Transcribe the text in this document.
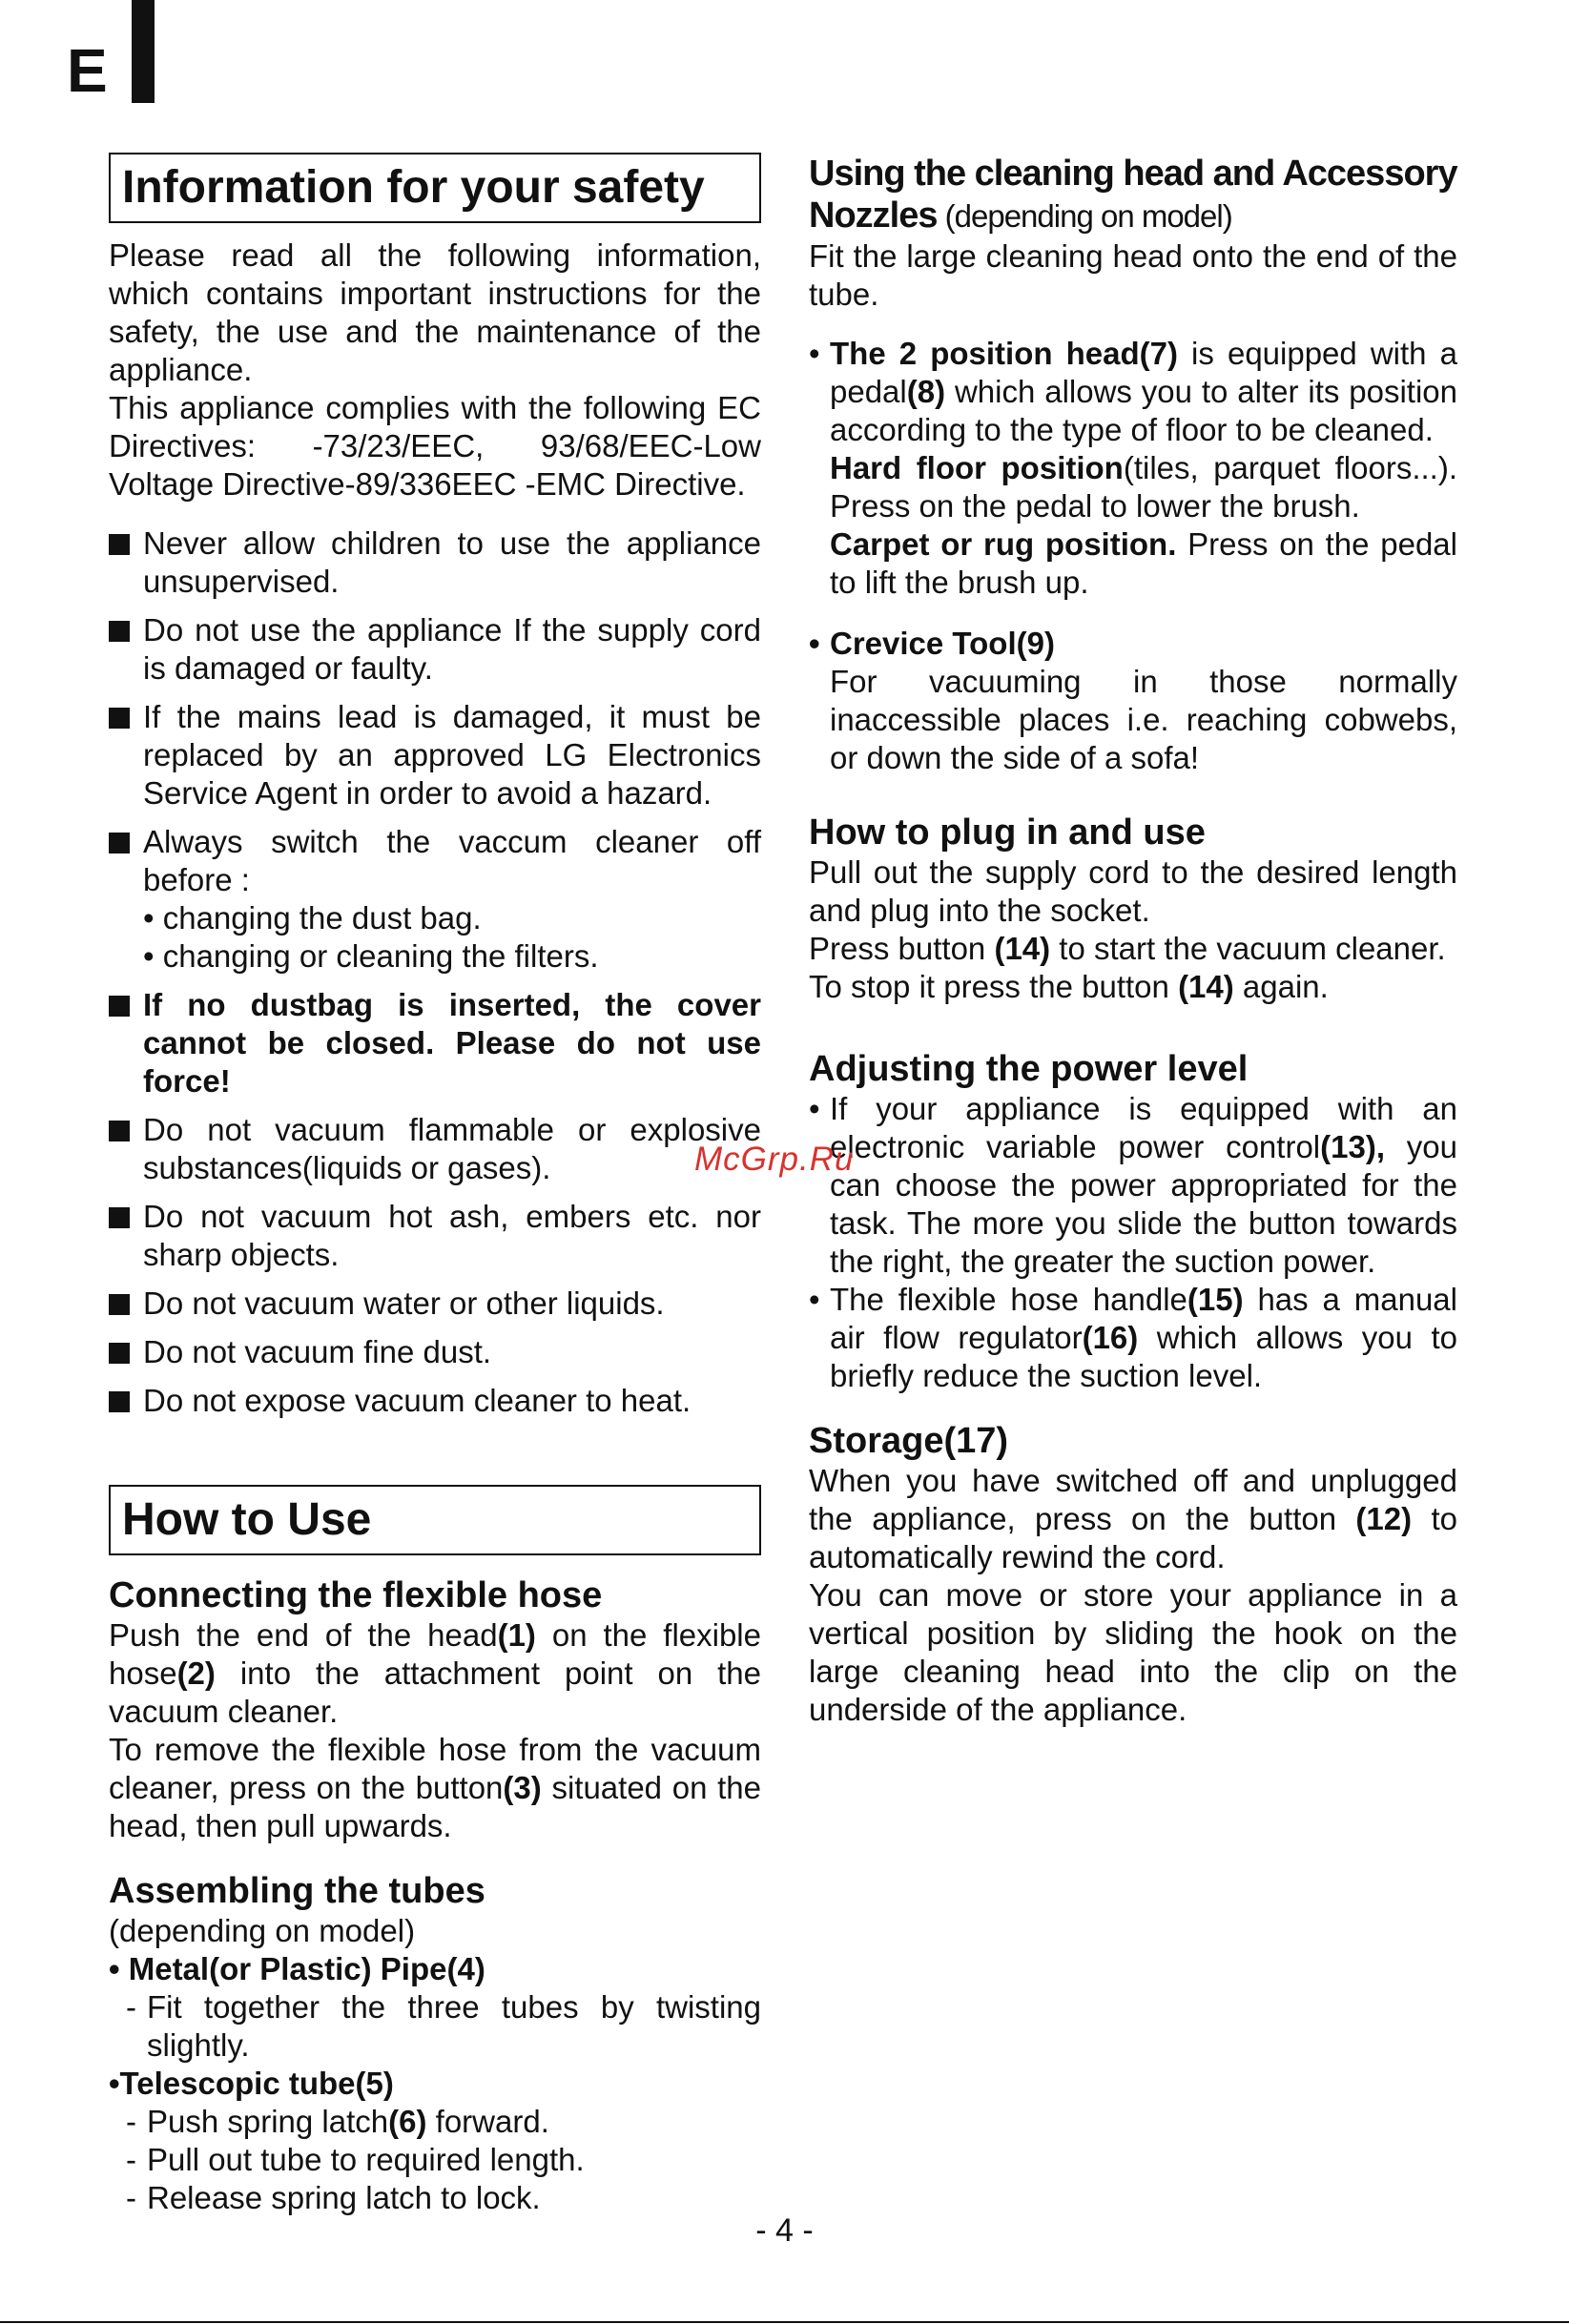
E
Information for your safety

Please read all the following information, which contains important instructions for the safety, the use and the maintenance of the appliance.

This appliance complies with the following EC Directives: -73/23/EEC, 93/68/EEC-Low Voltage Directive-89/336EEC -EMC Directive.

Never allow children to use the appliance unsupervised.
Do not use the appliance If the supply cord is damaged or faulty.
If the mains lead is damaged, it must be replaced by an approved LG Electronics Service Agent in order to avoid a hazard.
Always switch the vaccum cleaner off before :
• changing the dust bag.
• changing or cleaning the filters.
If no dustbag is inserted, the cover cannot be closed. Please do not use force!
Do not vacuum flammable or explosive substances(liquids or gases).
Do not vacuum hot ash, embers etc. nor sharp objects.
Do not vacuum water or other liquids.
Do not vacuum fine dust.
Do not expose vacuum cleaner to heat.
How to Use
Connecting the flexible hose

Push the end of the head(1) on the flexible hose(2) into the attachment point on the vacuum cleaner.

To remove the flexible hose from the vacuum cleaner, press on the button(3) situated on the head, then pull upwards.

Assembling the tubes

(depending on model)

• Metal(or Plastic) Pipe(4)

- Fit together the three tubes by twisting slightly.

•Telescopic tube(5)

- Push spring latch(6) forward.

- Pull out tube to required length.

- Release spring latch to lock.

Using the cleaning head and Accessory Nozzles (depending on model)

Fit the large cleaning head onto the end of the tube.

• The 2 position head(7) is equipped with a pedal(8) which allows you to alter its position according to the type of floor to be cleaned.

Hard floor position(tiles, parquet floors...). Press on the pedal to lower the brush.

Carpet or rug position. Press on the pedal to lift the brush up.

• Crevice Tool(9)

For vacuuming in those normally inaccessible places i.e. reaching cobwebs, or down the side of a sofa!

How to plug in and use

Pull out the supply cord to the desired length and plug into the socket.

Press button (14) to start the vacuum cleaner.

To stop it press the button (14) again.

Adjusting the power level

• If your appliance is equipped with an electronic variable power control(13), you can choose the power appropriated for the task. The more you slide the button towards the right, the greater the suction power.

• The flexible hose handle(15) has a manual air flow regulator(16) which allows you to briefly reduce the suction level.

Storage(17)

When you have switched off and unplugged the appliance, press on the button (12) to automatically rewind the cord.

You can move or store your appliance in a vertical position by sliding the hook on the large cleaning head into the clip on the underside of the appliance.

McGrp.Ru
- 4 -
